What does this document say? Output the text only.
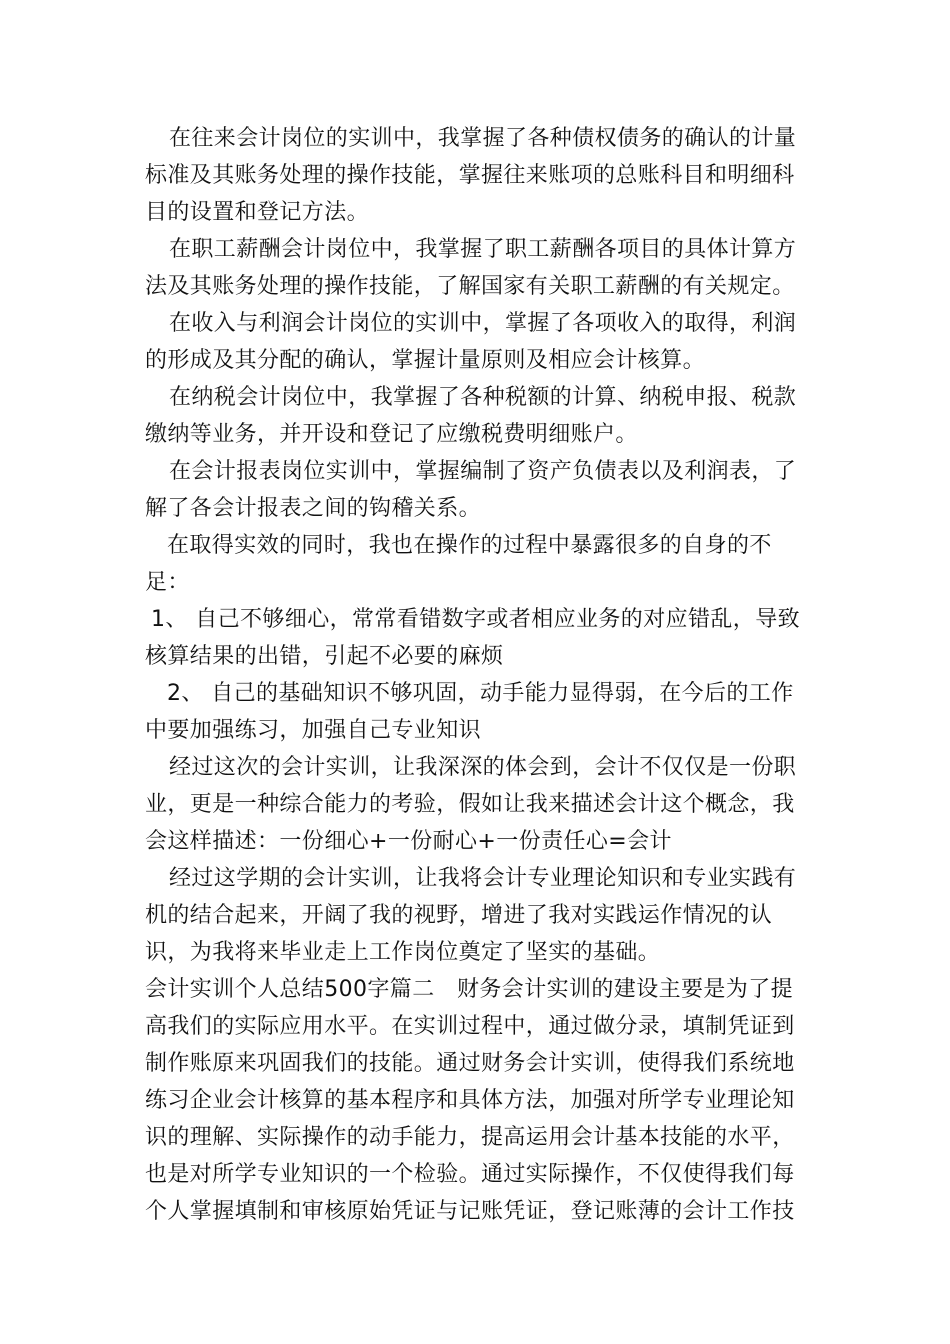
在往来会计岗位的实训中，我掌握了各种债权债务的确认的计量标准及其账务处理的操作技能，掌握往来账项的总账科目和明细科目的设置和登记方法。

在职工薪酬会计岗位中，我掌握了职工薪酬各项目的具体计算方法及其账务处理的操作技能，了解国家有关职工薪酬的有关规定。

在收入与利润会计岗位的实训中，掌握了各项收入的取得，利润的形成及其分配的确认，掌握计量原则及相应会计核算。

在纳税会计岗位中，我掌握了各种税额的计算、纳税申报、税款缴纳等业务，并开设和登记了应缴税费明细账户。

在会计报表岗位实训中，掌握编制了资产负债表以及利润表，了解了各会计报表之间的钩稽关系。

在取得实效的同时，我也在操作的过程中暴露很多的自身的不足：

1、 自己不够细心，常常看错数字或者相应业务的对应错乱，导致核算结果的出错，引起不必要的麻烦

2、 自己的基础知识不够巩固，动手能力显得弱，在今后的工作中要加强练习，加强自己专业知识

经过这次的会计实训，让我深深的体会到，会计不仅仅是一份职业，更是一种综合能力的考验，假如让我来描述会计这个概念，我会这样描述：一份细心+一份耐心+一份责任心=会计

经过这学期的会计实训，让我将会计专业理论知识和专业实践有机的结合起来，开阔了我的视野，增进了我对实践运作情况的认识，为我将来毕业走上工作岗位奠定了坚实的基础。

会计实训个人总结500字篇二　财务会计实训的建设主要是为了提高我们的实际应用水平。在实训过程中，通过做分录，填制凭证到制作账原来巩固我们的技能。通过财务会计实训，使得我们系统地练习企业会计核算的基本程序和具体方法，加强对所学专业理论知识的理解、实际操作的动手能力，提高运用会计基本技能的水平，也是对所学专业知识的一个检验。通过实际操作，不仅使得我们每个人掌握填制和审核原始凭证与记账凭证，登记账薄的会计工作技
